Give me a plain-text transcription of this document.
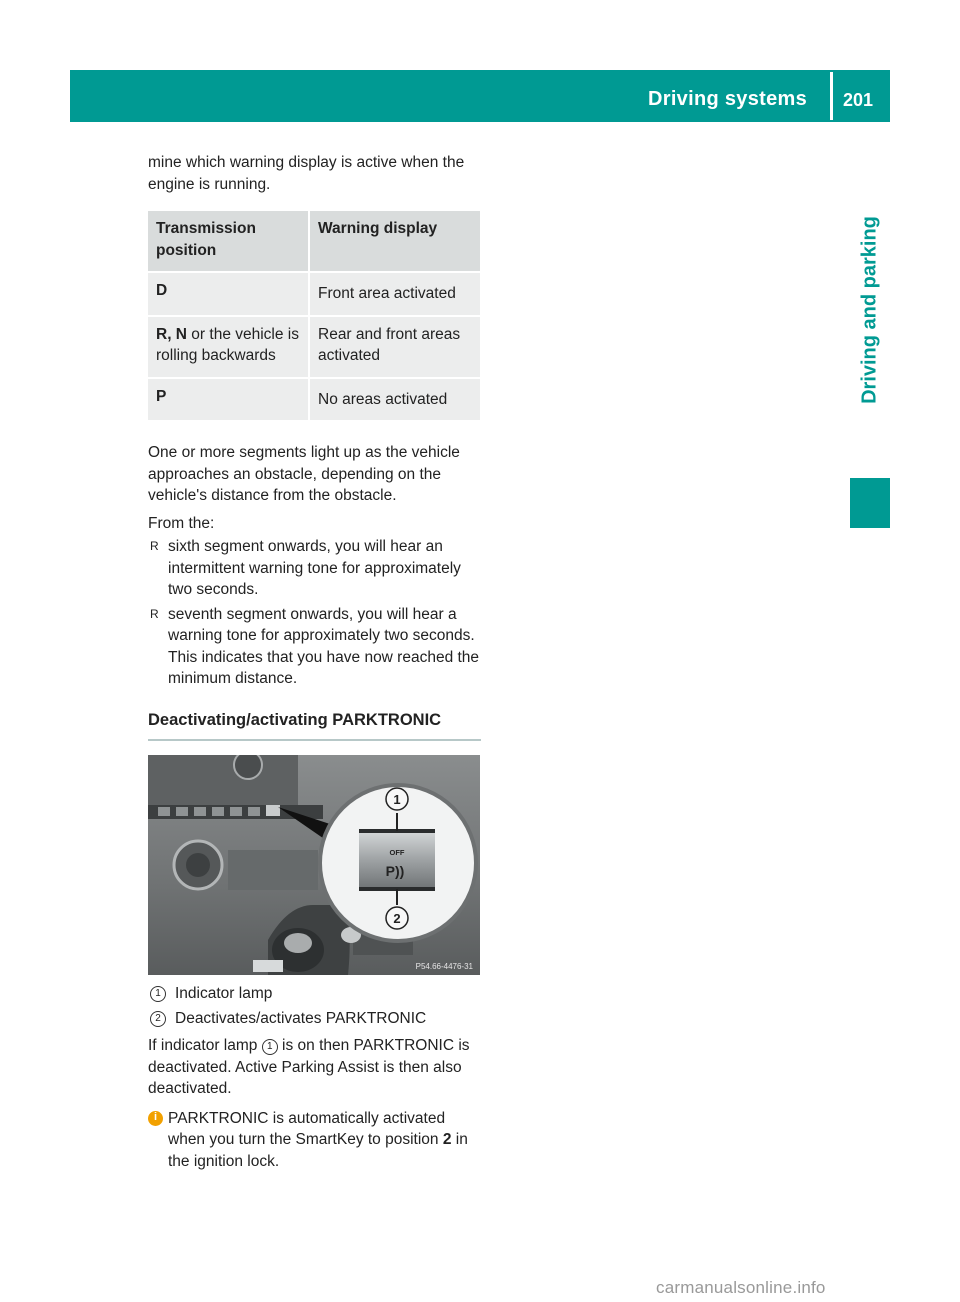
Driving systems 201
Driving and parking

mine which warning display is active when the engine is running.

Transmission position	Warning display
D	Front area activated
R, N or the vehicle is rolling backwards	Rear and front areas activated
P	No areas activated

One or more segments light up as the vehicle approaches an obstacle, depending on the vehicle's distance from the obstacle.

From the:

R sixth segment onwards, you will hear an intermittent warning tone for approximately two seconds.
R seventh segment onwards, you will hear a warning tone for approximately two seconds. This indicates that you have now reached the minimum distance.
Deactivating/activating PARKTRONIC
1
2
OFF
P))
P54.66-4476-31
1 Indicator lamp
2 Deactivates/activates PARKTRONIC

If indicator lamp 1 is on then PARKTRONIC is deactivated. Active Parking Assist is then also deactivated.

i PARKTRONIC is automatically activated when you turn the SmartKey to position 2 in the ignition lock.
carmanualsonline.info
